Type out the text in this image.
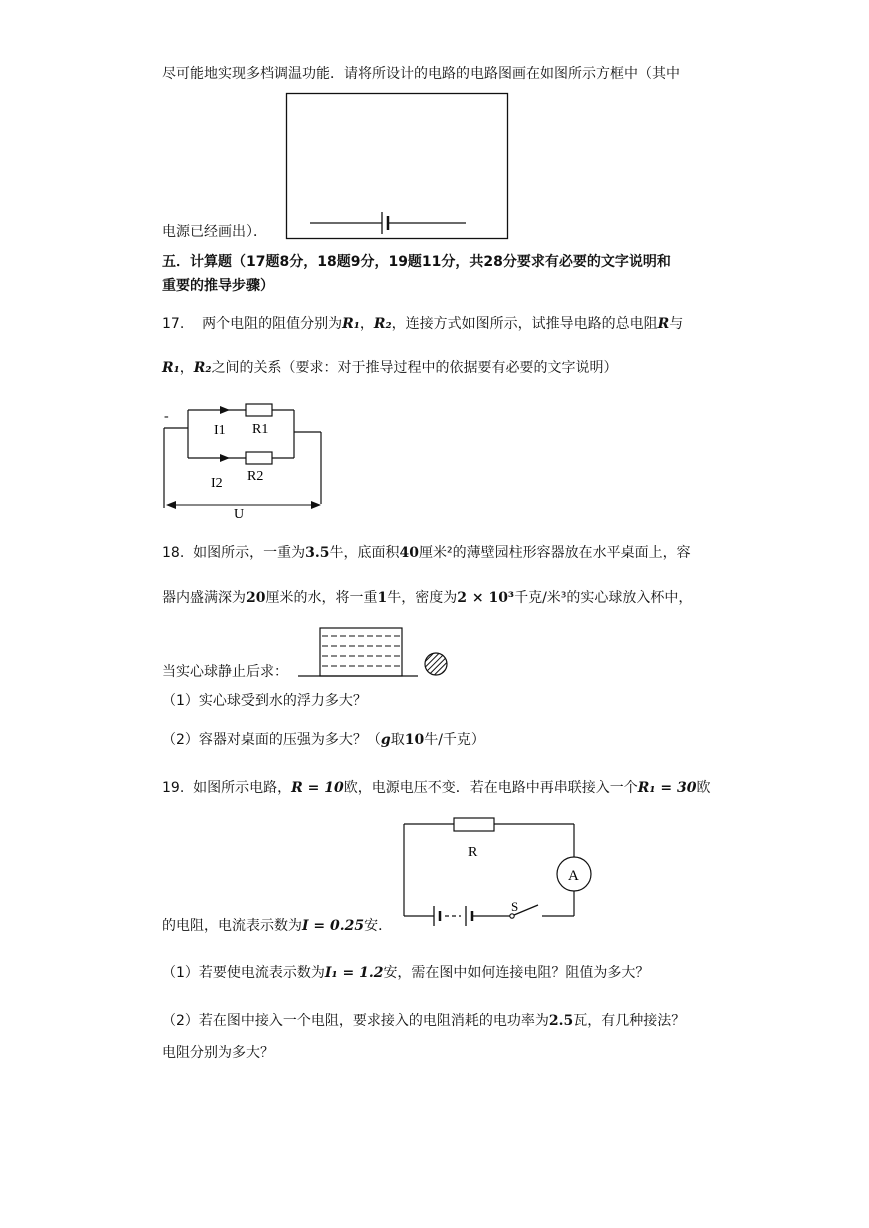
尽可能地实现多档调温功能．请将所设计的电路的电路图画在如图所示方框中（其中
电源已经画出）．
五．计算题（17题8分，18题9分，19题11分，共28分要求有必要的文字说明和
重要的推导步骤）
17. 两个电阻的阻值分别为R₁，R₂，连接方式如图所示，试推导电路的总电阻R与
R₁，R₂之间的关系（要求：对于推导过程中的依据要有必要的文字说明）
-
I1 R1
R2
I2
U
18. 如图所示，一重为3.5牛，底面积40厘米²的薄壁园柱形容器放在水平桌面上，容
器内盛满深为20厘米的水，将一重1牛，密度为2 × 10³千克/米³的实心球放入杯中，
当实心球静止后求：
（1）实心球受到水的浮力多大？
（2）容器对桌面的压强为多大？（g取10牛/千克）
19. 如图所示电路，R = 10欧，电源电压不变．若在电路中再串联接入一个R₁ = 30欧
A
S
R
的电阻，电流表示数为I = 0.25安．
（1）若要使电流表示数为I₁ = 1.2安，需在图中如何连接电阻？阻值为多大？
（2）若在图中接入一个电阻，要求接入的电阻消耗的电功率为2.5瓦，有几种接法？
电阻分别为多大？
